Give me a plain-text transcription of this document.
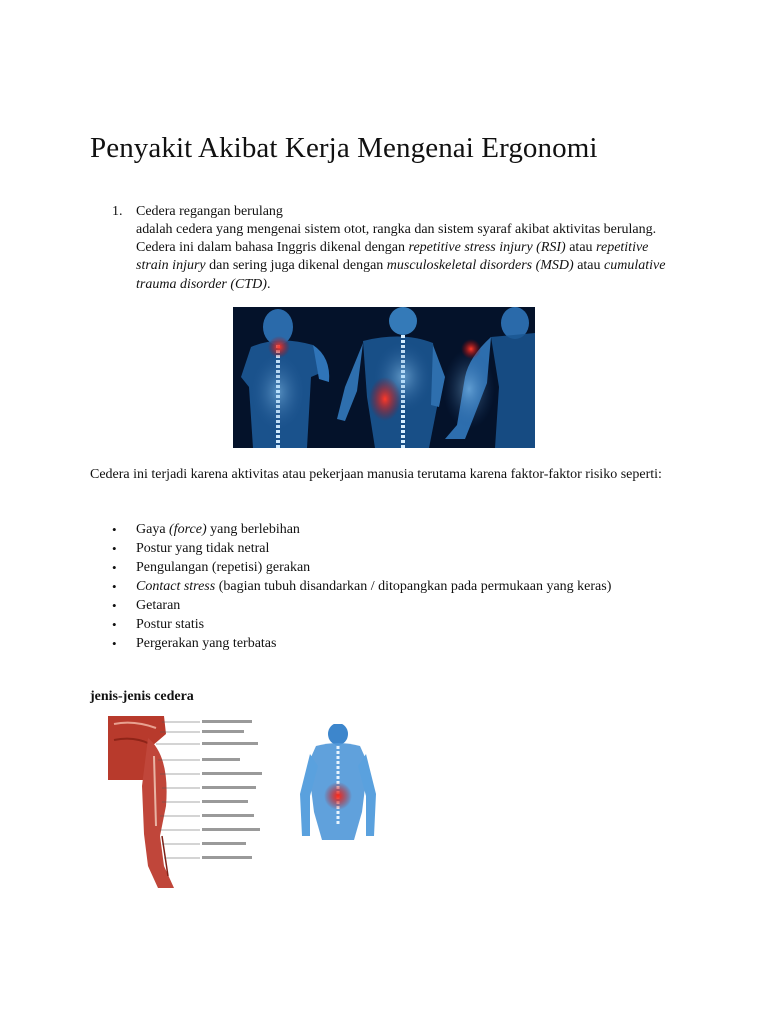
Penyakit Akibat Kerja Mengenai Ergonomi
1. Cedera regangan berulang
adalah cedera yang mengenai sistem otot, rangka dan sistem syaraf akibat aktivitas berulang. Cedera ini dalam bahasa Inggris dikenal dengan repetitive stress injury (RSI) atau repetitive strain injury dan sering juga dikenal dengan musculoskeletal disorders (MSD) atau cumulative trauma disorder (CTD).
Cedera ini terjadi karena aktivitas atau pekerjaan manusia terutama karena faktor-faktor risiko seperti:
• Gaya (force) yang berlebihan
• Postur yang tidak netral
• Pengulangan (repetisi) gerakan
• Contact stress (bagian tubuh disandarkan / ditopangkan pada permukaan yang keras)
• Getaran
• Postur statis
• Pergerakan yang terbatas
jenis-jenis cedera
